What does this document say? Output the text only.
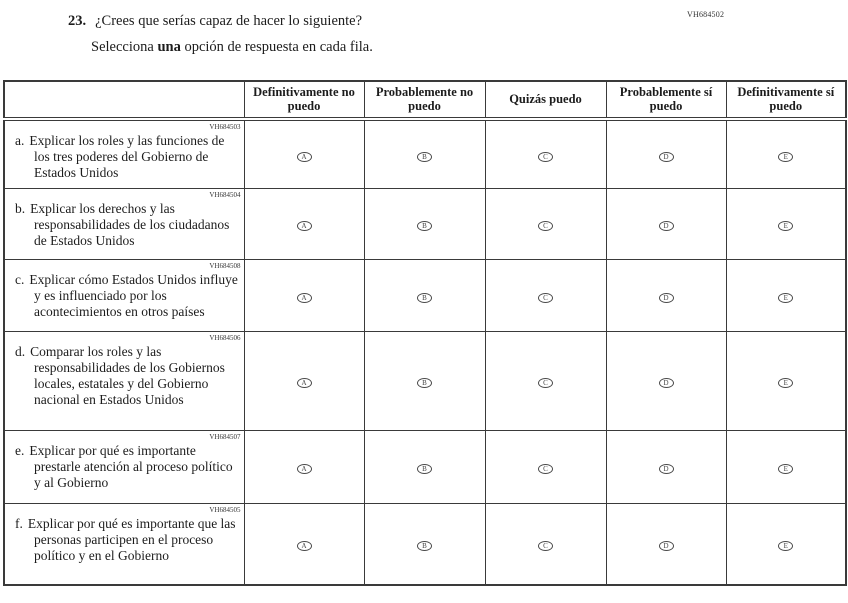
23. ¿Crees que serías capaz de hacer lo siguiente?
Selecciona una opción de respuesta en cada fila.
VH684502
	Definitivamente no puedo	Probablemente no puedo	Quizás puedo	Probablemente sí puedo	Definitivamente sí puedo

VH684503
a. Explicar los roles y las funciones de los tres poderes del Gobierno de Estados Unidos	A	B	C	D	E

VH684504
b. Explicar los derechos y las responsabilidades de los ciudadanos de Estados Unidos	A	B	C	D	E

VH684508
c. Explicar cómo Estados Unidos influye y es influenciado por los acontecimientos en otros países	A	B	C	D	E

VH684506
d. Comparar los roles y las responsabilidades de los Gobiernos locales, estatales y del Gobierno nacional en Estados Unidos	A	B	C	D	E

VH684507
e. Explicar por qué es importante prestarle atención al proceso político y al Gobierno	A	B	C	D	E

VH684505
f. Explicar por qué es importante que las personas participen en el proceso político y en el Gobierno	A	B	C	D	E
